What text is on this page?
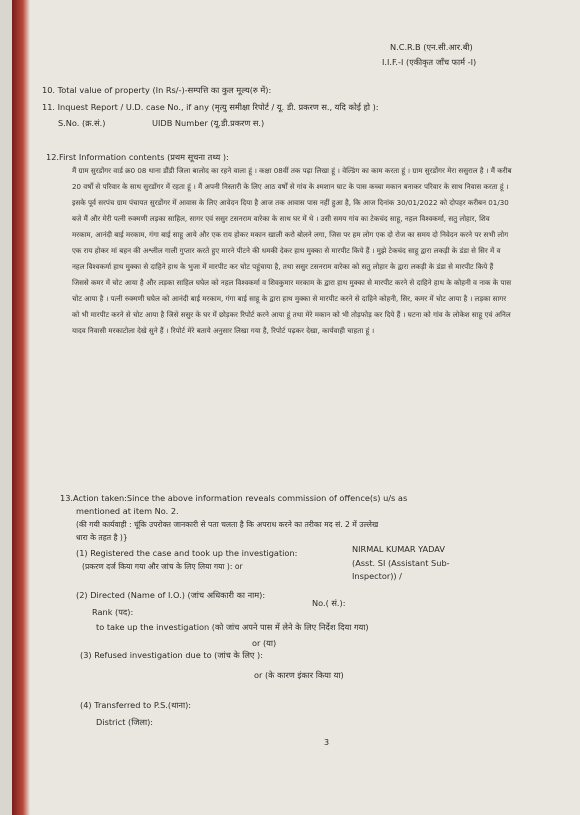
N.C.R.B (एन.सी.आर.बी)
I.I.F.-I (एकीकृत जाँच फार्म -I)
10. Total value of property (In Rs/-)-सम्पत्ति का कुल मूल्य(रु में):
11. Inquest Report / U.D. case No., if any (मृत्यु समीक्षा रिपोर्ट / यू. डी. प्रकरण स., यदि कोई हो ):
S.No. (क्र.सं.)	UIDB Number (यू.डी.प्रकरण स.)
12.First Information contents (प्रथम सूचना तथ्य ):
मैं ग्राम सुरडोंगर वार्ड क्र0 08 थाना डौंडी जिला बालोद का रहने वाला हूं । कक्षा 08वीं तक पढ़ा लिखा हूं । वेल्डिंग का काम करता हूं । ग्राम सुरडोंगर मेरा ससुराल है । मैं करीब 20 वर्षों से परिवार के साथ सुरडोंगर में रहता हूं । मैं अपनी निस्तारी के लिए आठ वर्षों से गांव के श्मशान घाट के पास कच्चा मकान बनाकर परिवार के साथ निवास करता हूं । इसके पूर्व सरपंच ग्राम पंचायत सुरडोंगर में आवास के लिए आवेदन दिया है आज तक आवास पास नहीं हुआ है, कि आज दिनांक 30/01/2022 को दोपहर करीबन 01/30 बजे मैं और मेरी पत्नी रुक्मणी लड़का साहिल, सागर एवं ससुर टसनराम वारेका के साथ घर में थे । उसी समय गांव का टेकचंद साहू, नहल विश्वकर्मा, सतु लोहार, शिव मरकाम, आनंदी बाई मरकाम, गंगा बाई साहू आये और एक राय होकर मकान खाली करो बोलने लगा, जिस पर हम लोग एक दो रोज का समय दो निवेदन करने पर सभी लोग एक राय होकर मां बहन की अश्लील गाली गुप्तार करते हुए मारने पीटने की धमकी देकर हाथ मुक्का से मारपीट किये हैं । मुझे टेकचंद साहू द्वारा लकड़ी के डंडा से सिर में व नहल विश्वकर्मा हाथ मुक्का से दाहिने हाथ के भुजा में मारपीट कर चोट पहुंचाया है, तथा ससुर टसनराम वारेका को सतु लोहार के द्वारा लकड़ी के डंडा से मारपीट किये हैं जिससे कमर में चोट आया है और लड़का साहिल घघेल को नहल विश्वकर्मा व शिवकुमार मरकाम के द्वारा हाथ मुक्का से मारपीट करने से दाहिने हाथ के कोहनी व नाक के पास चोट आया है । पत्नी रुक्मणी घघेल को आनंदी बाई मरकाम, गंगा बाई साहू के द्वारा हाथ मुक्का से मारपीट करने से दाहिने कोहनी, सिर, कमर में चोट आया है । लड़का सागर को भी मारपीट करने से चोट आया है जिसे ससुर के घर में छोड़कर रिपोर्ट करने आया हूं तथा मेरे मकान को भी तोड़फोड़ कर दिये हैं । घटना को गांव के लोकेश साहू एवं अनिल यादव निवासी मरकाटोला देखे सुने हैं । रिपोर्ट मेरे बताये अनुसार लिखा गया है, रिपोर्ट पढ़कर देखा, कार्यवाही चाहता हूं ।
13.Action taken:Since the above information reveals commission of offence(s) u/s as
mentioned at item No. 2.
(की गयी कार्यवाही : चूंकि उपरोक्त जानकारी से पता चलता है कि अपराध करने का तरीका मद सं. 2 में उल्लेख
धारा के तहत है )}
(1) Registered the case and took up the investigation:
(प्रकरण दर्ज किया गया और जांच के लिए लिया गया ): or
NIRMAL KUMAR YADAV
(Asst. SI (Assistant Sub-
Inspector)) /
(2) Directed (Name of I.O.) (जांच अधिकारी का नाम):
No.( सं.):
Rank (पद):
to take up the investigation (को जांच अपने पास में लेने के लिए निर्देश दिया गया)
or (या)
(3) Refused investigation due to (जांच के लिए ):
or (के कारण इंकार किया या)
(4) Transferred to P.S.(थाना):
District (जिला):
3
